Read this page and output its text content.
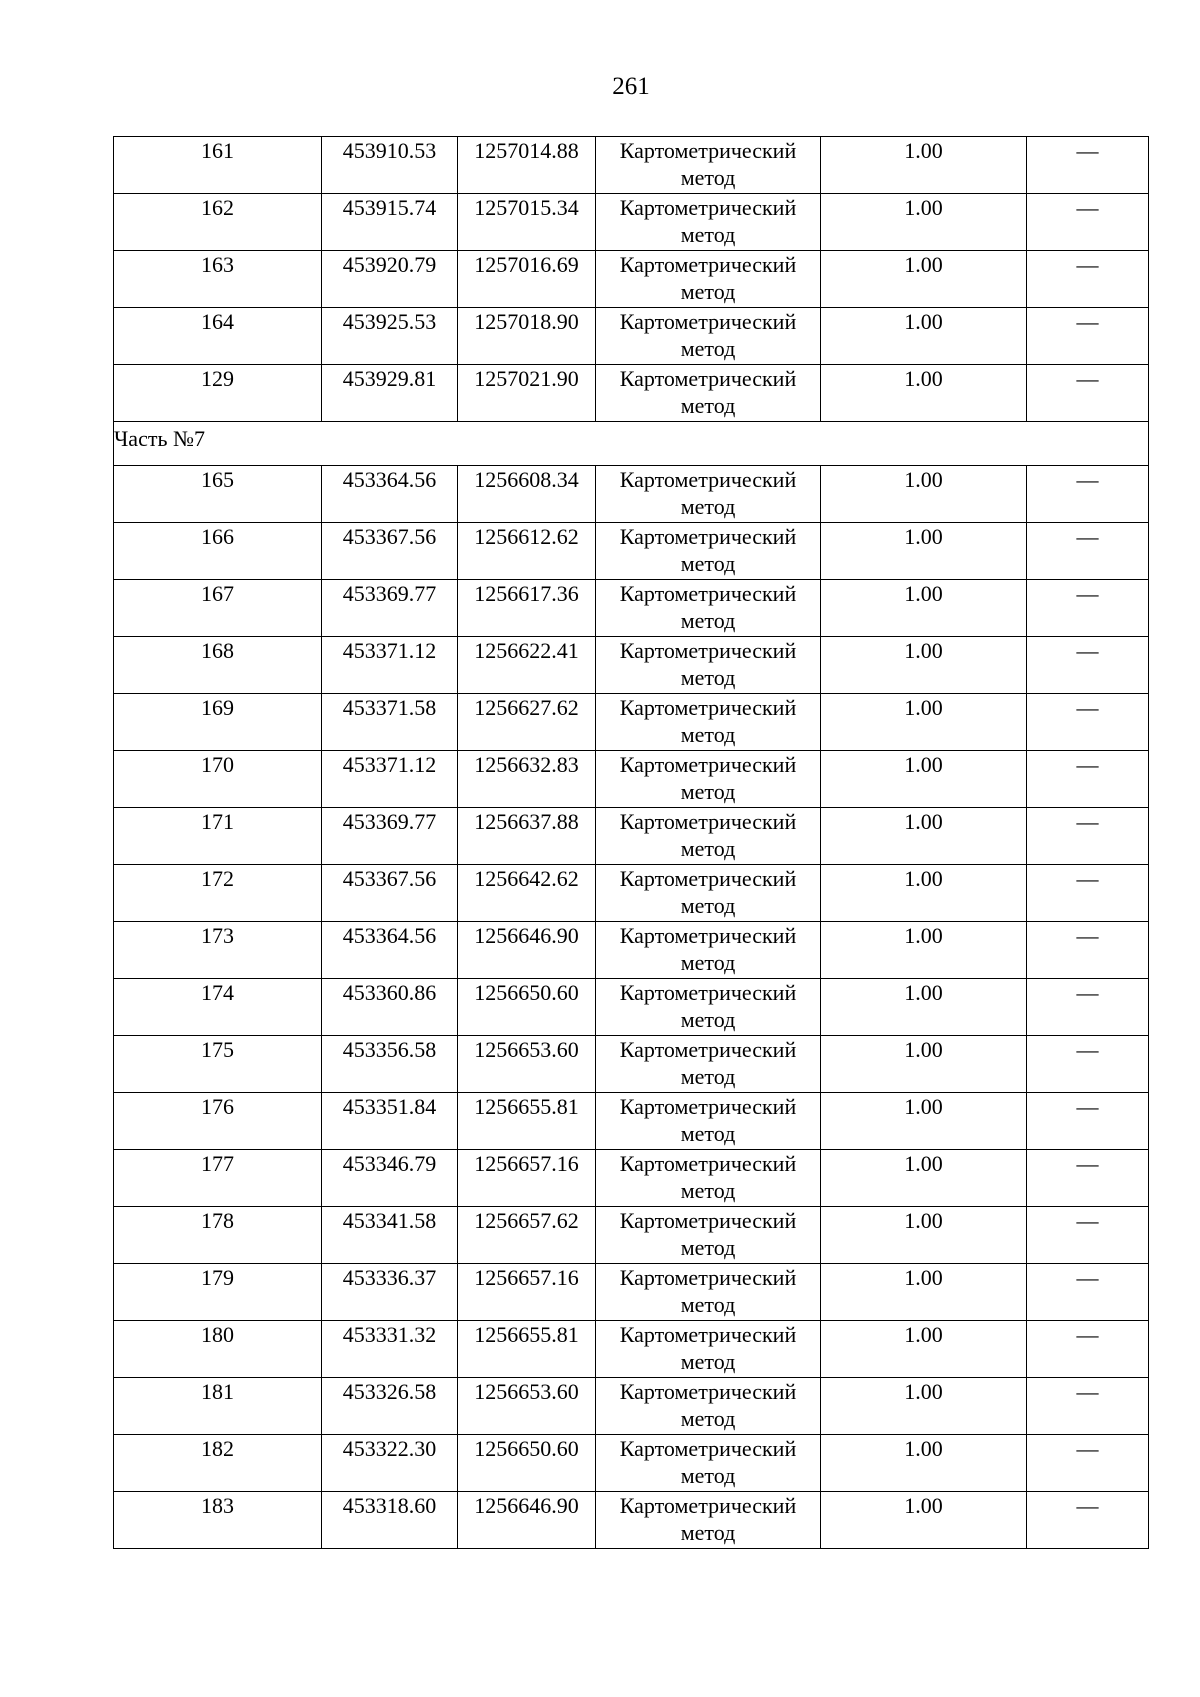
261
161	453910.53	1257014.88	Картометрический метод	1.00	—
162	453915.74	1257015.34	Картометрический метод	1.00	—
163	453920.79	1257016.69	Картометрический метод	1.00	—
164	453925.53	1257018.90	Картометрический метод	1.00	—
129	453929.81	1257021.90	Картометрический метод	1.00	—
Часть №7					
165	453364.56	1256608.34	Картометрический метод	1.00	—
166	453367.56	1256612.62	Картометрический метод	1.00	—
167	453369.77	1256617.36	Картометрический метод	1.00	—
168	453371.12	1256622.41	Картометрический метод	1.00	—
169	453371.58	1256627.62	Картометрический метод	1.00	—
170	453371.12	1256632.83	Картометрический метод	1.00	—
171	453369.77	1256637.88	Картометрический метод	1.00	—
172	453367.56	1256642.62	Картометрический метод	1.00	—
173	453364.56	1256646.90	Картометрический метод	1.00	—
174	453360.86	1256650.60	Картометрический метод	1.00	—
175	453356.58	1256653.60	Картометрический метод	1.00	—
176	453351.84	1256655.81	Картометрический метод	1.00	—
177	453346.79	1256657.16	Картометрический метод	1.00	—
178	453341.58	1256657.62	Картометрический метод	1.00	—
179	453336.37	1256657.16	Картометрический метод	1.00	—
180	453331.32	1256655.81	Картометрический метод	1.00	—
181	453326.58	1256653.60	Картометрический метод	1.00	—
182	453322.30	1256650.60	Картометрический метод	1.00	—
183	453318.60	1256646.90	Картометрический метод	1.00	—
